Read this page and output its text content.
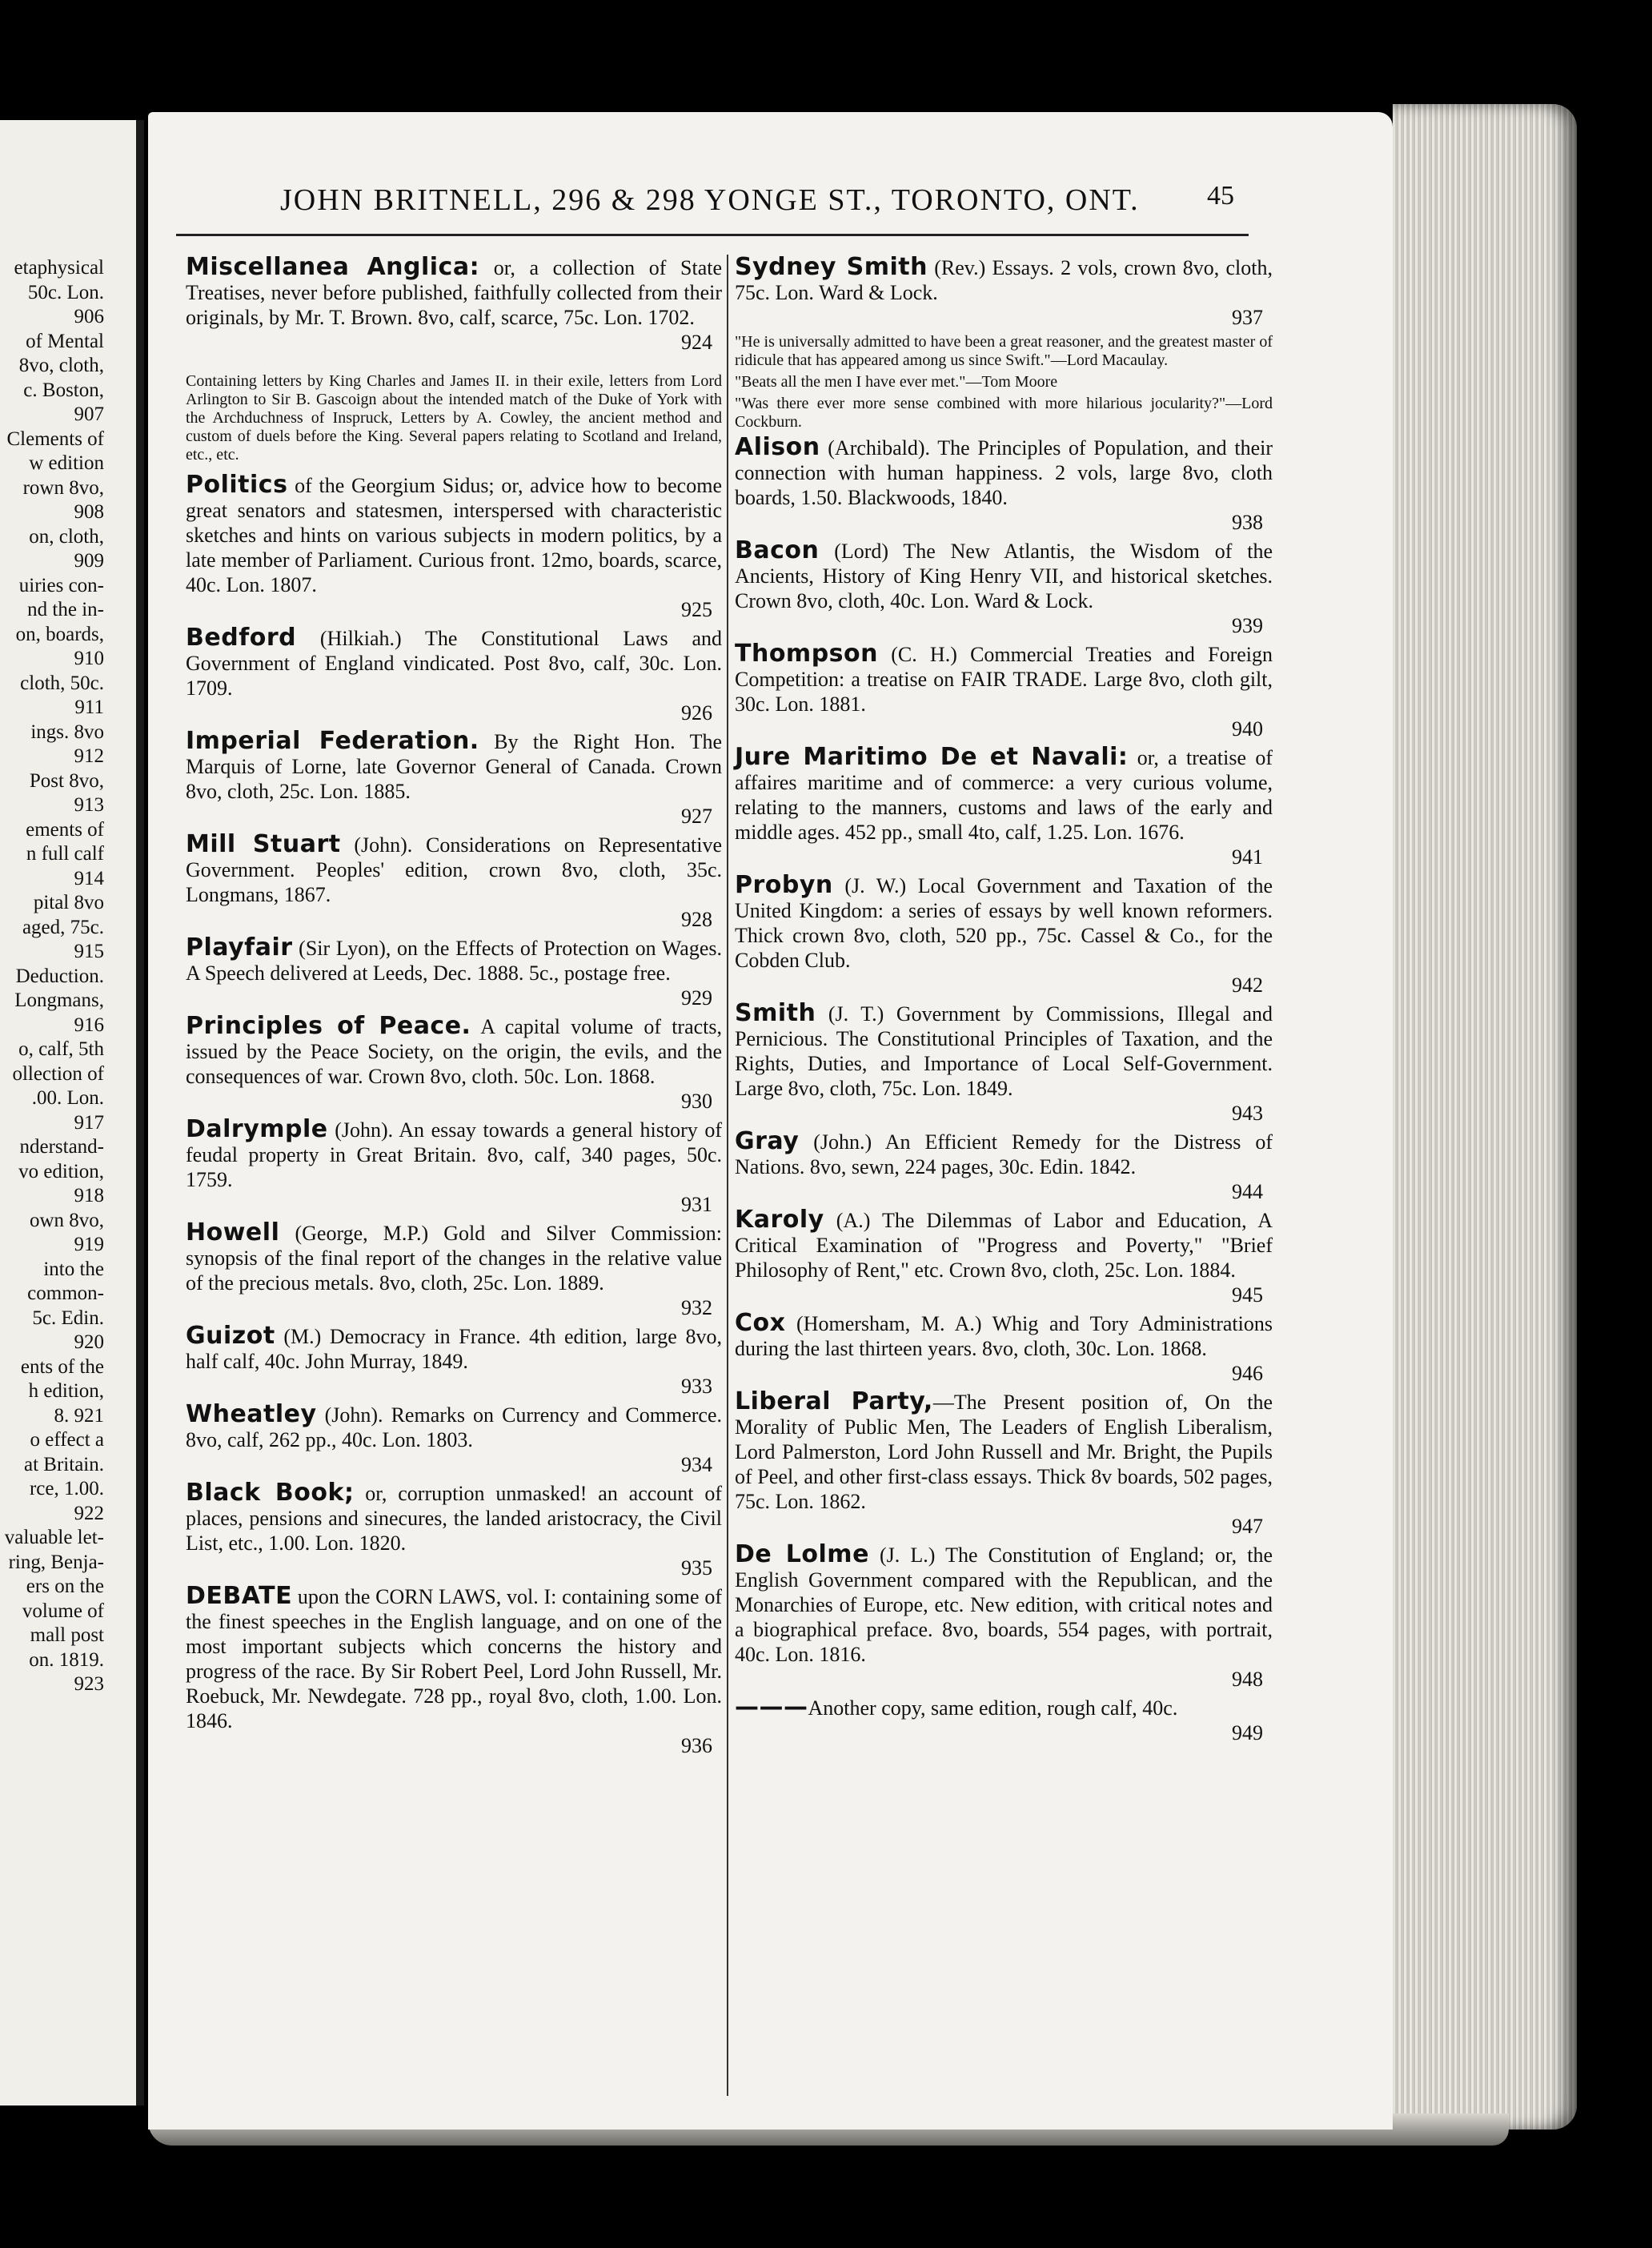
etaphysical
50c. Lon.
906
of Mental
8vo, cloth,
c. Boston,
907
Clements of
w edition
rown 8vo,
908
on, cloth,
909
uiries con-
nd the in-
on, boards,
910
cloth, 50c.
911
ings. 8vo
912
Post 8vo,
913
ements of
n full calf
914
pital 8vo
aged, 75c.
915
Deduction.
Longmans,
916
o, calf, 5th
ollection of
.00. Lon.
917
nderstand-
vo edition,
918
own 8vo,
919
into the
common-
5c. Edin.
920
ents of the
h edition,
8. 921
o effect a
at Britain.
rce, 1.00.
922
valuable let-
ring, Benja-
ers on the
volume of
mall post
on. 1819.
923
JOHN BRITNELL, 296 & 298 YONGE ST., TORONTO, ONT.	45
Miscellanea Anglica: or, a collection of State Treatises, never before published, faithfully collected from their originals, by Mr. T. Brown. 8vo, calf, scarce, 75c. Lon. 1702.
924
Containing letters by King Charles and James II. in their exile, letters from Lord Arlington to Sir B. Gascoign about the intended match of the Duke of York with the Archduchness of Inspruck, Letters by A. Cowley, the ancient method and custom of duels before the King. Several papers relating to Scotland and Ireland, etc., etc.
Politics of the Georgium Sidus; or, advice how to become great senators and statesmen, interspersed with characteristic sketches and hints on various subjects in modern politics, by a late member of Parliament. Curious front. 12mo, boards, scarce, 40c. Lon. 1807.
925
Bedford (Hilkiah.) The Constitutional Laws and Government of England vindicated. Post 8vo, calf, 30c. Lon. 1709.
926
Imperial Federation. By the Right Hon. The Marquis of Lorne, late Governor General of Canada. Crown 8vo, cloth, 25c. Lon. 1885.
927
Mill Stuart (John). Considerations on Representative Government. Peoples' edition, crown 8vo, cloth, 35c. Longmans, 1867.
928
Playfair (Sir Lyon), on the Effects of Protection on Wages. A Speech delivered at Leeds, Dec. 1888. 5c., postage free.
929
Principles of Peace. A capital volume of tracts, issued by the Peace Society, on the origin, the evils, and the consequences of war. Crown 8vo, cloth. 50c. Lon. 1868.
930
Dalrymple (John). An essay towards a general history of feudal property in Great Britain. 8vo, calf, 340 pages, 50c. 1759.
931
Howell (George, M.P.) Gold and Silver Commission: synopsis of the final report of the changes in the relative value of the precious metals. 8vo, cloth, 25c. Lon. 1889.
932
Guizot (M.) Democracy in France. 4th edition, large 8vo, half calf, 40c. John Murray, 1849.
933
Wheatley (John). Remarks on Currency and Commerce. 8vo, calf, 262 pp., 40c. Lon. 1803.
934
Black Book; or, corruption unmasked! an account of places, pensions and sinecures, the landed aristocracy, the Civil List, etc., 1.00. Lon. 1820.
935
DEBATE upon the CORN LAWS, vol. I: containing some of the finest speeches in the English language, and on one of the most important subjects which concerns the history and progress of the race. By Sir Robert Peel, Lord John Russell, Mr. Roebuck, Mr. Newdegate. 728 pp., royal 8vo, cloth, 1.00. Lon. 1846.
936
Sydney Smith (Rev.) Essays. 2 vols, crown 8vo, cloth, 75c. Lon. Ward & Lock.
937
"He is universally admitted to have been a great reasoner, and the greatest master of ridicule that has appeared among us since Swift."—Lord Macaulay.
"Beats all the men I have ever met."—Tom Moore
"Was there ever more sense combined with more hilarious jocularity?"—Lord Cockburn.
Alison (Archibald). The Principles of Population, and their connection with human happiness. 2 vols, large 8vo, cloth boards, 1.50. Blackwoods, 1840.
938
Bacon (Lord) The New Atlantis, the Wisdom of the Ancients, History of King Henry VII, and historical sketches. Crown 8vo, cloth, 40c. Lon. Ward & Lock.
939
Thompson (C. H.) Commercial Treaties and Foreign Competition: a treatise on FAIR TRADE. Large 8vo, cloth gilt, 30c. Lon. 1881.
940
Jure Maritimo De et Navali: or, a treatise of affaires maritime and of commerce: a very curious volume, relating to the manners, customs and laws of the early and middle ages. 452 pp., small 4to, calf, 1.25. Lon. 1676.
941
Probyn (J. W.) Local Government and Taxation of the United Kingdom: a series of essays by well known reformers. Thick crown 8vo, cloth, 520 pp., 75c. Cassel & Co., for the Cobden Club.
942
Smith (J. T.) Government by Commissions, Illegal and Pernicious. The Constitutional Principles of Taxation, and the Rights, Duties, and Importance of Local Self-Government. Large 8vo, cloth, 75c. Lon. 1849.
943
Gray (John.) An Efficient Remedy for the Distress of Nations. 8vo, sewn, 224 pages, 30c. Edin. 1842.
944
Karoly (A.) The Dilemmas of Labor and Education, A Critical Examination of "Progress and Poverty," "Brief Philosophy of Rent," etc. Crown 8vo, cloth, 25c. Lon. 1884.
945
Cox (Homersham, M. A.) Whig and Tory Administrations during the last thirteen years. 8vo, cloth, 30c. Lon. 1868.
946
Liberal Party,—The Present position of, On the Morality of Public Men, The Leaders of English Liberalism, Lord Palmerston, Lord John Russell and Mr. Bright, the Pupils of Peel, and other first-class essays. Thick 8v boards, 502 pages, 75c. Lon. 1862.
947
De Lolme (J. L.) The Constitution of England; or, the English Government compared with the Republican, and the Monarchies of Europe, etc. New edition, with critical notes and a biographical preface. 8vo, boards, 554 pages, with portrait, 40c. Lon. 1816.
948
———Another copy, same edition, rough calf, 40c.
949
